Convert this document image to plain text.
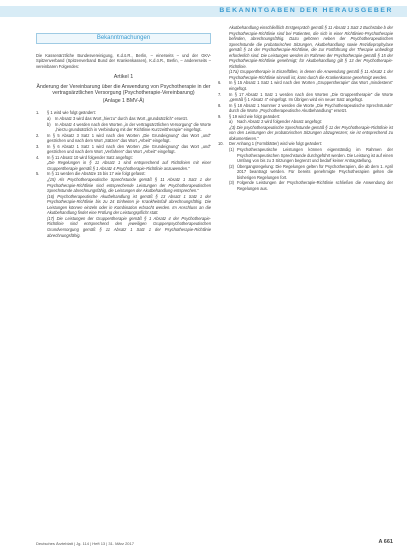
BEKANNTGABEN DER HERAUSGEBER
Bekanntmachungen

Die Kassenärztliche Bundesvereinigung, K.d.ö.R., Berlin, – einerseits – und der GKV-Spitzenverband (Spitzenverband Bund der Krankenkassen), K.d.ö.R., Berlin, – andererseits – vereinbaren Folgendes:

Artikel 1
Änderung der Vereinbarung über die Anwendung von Psychotherapie in der vertragsärztlichen Versorgung (Psychotherapie-Vereinbarung)
(Anlage 1 BMV-Ä)
1.	§ 1 wird wie folgt geändert:
a)	In Absatz 3 wird das Wort „hierzu" durch das Wort „grundsätzlich" ersetzt.
b)	In Absatz 4 werden nach den Worten „in der vertragsärztlichen Versorgung" die Worte „hierzu grundsätzlich in Verbindung mit der Richtlinie Kurzzeittherapie" eingefügt.
2.	In § 5 Absatz 3 Satz 1 wird nach den Worten „Die Grundeignung" das Wort „und" gestrichen und nach dem Wort „Sätzen" das Wort „Arbeit" eingefügt.
3.	In § 6 Absatz 1 Satz 1 wird nach den Worten „Die Grundeignung" das Wort „und" gestrichen und nach dem Wort „Verfahren" das Wort „Arbeit" eingefügt.
4.	In § 11 Absatz 10 wird folgender Satz angefügt:
„Die Regelungen in § 11 Absatz 1 sind entsprechend auf Richtlinien mit einer Gruppentherapie gemäß § 1 Absatz 4 Psychotherapie-Richtlinie anzuwenden."
5.	In § 11 werden die Absätze 15 bis 17 wie folgt gefasst:
„(15) Als Psychotherapeutische Sprechstunde gemäß § 11 Absatz 1 Satz 1 der Psychotherapie-Richtlinie sind entsprechende Leistungen der Psychotherapeutischen Sprechstunde abrechnungsfähig, die Leistungen der Akutbehandlung entsprechen."
(16) Psychotherapeutische Akutbehandlung ist gemäß § 13 Absatz 1 Satz 1 der Psychotherapie-Richtlinie bis zu 24 Einheiten je Krankheitsfall abrechnungsfähig. Die Leistungen können einzeln oder in Kombination erbracht werden. Im Anschluss an die Akutbehandlung findet eine Prüfung der Leistungspflicht statt.
(17) Die Leistungen der Gruppentherapie gemäß § 1 Absatz 4 der Psychotherapie-Richtlinie sind entsprechend den jeweiligen Gruppenpsychotherapeutischen Grundversorgung gemäß § 11 Absatz 1 Satz 1 der Psychotherapie-Richtlinie abrechnungsfähig.
Akutbehandlung einschließlich Erstgespräch gemäß § 11 Absatz 1 Satz 2 Buchstabe b der Psychotherapie-Richtlinie sind bei Patienten, die sich in einer Richtlinien-Psychotherapie befinden, abrechnungsfähig. Dazu gehören neben der Psychotherapeutischen Sprechstunde die probatorischen Sitzungen, Akutbehandlung sowie Rezidivprophylaxe gemäß § 14 der Psychotherapie-Richtlinie, die zur Fortführung der Therapie unbedingt erforderlich sind. Die Leistungen werden im Rahmen der Psychotherapie gemäß § 15 der Psychotherapie-Richtlinie genehmigt; für Akutbehandlung gilt § 13 der Psychotherapie-Richtlinie.
(17a) Gruppentherapie in Einzelfällen, in denen die Anwendung gemäß § 11 Absatz 1 der Psychotherapie-Richtlinie sinnvoll ist, kann durch die Krankenkasse genehmigt werden.
6.	In § 15 Absatz 1 Satz 1 wird nach den Worten „Gruppentherapie" das Wort „mindestens" eingefügt.
7.	In § 17 Absatz 1 Satz 1 werden nach den Worten „Die Gruppentherapie" die Worte „gemäß § 1 Absatz 4" eingefügt. Im Übrigen wird ein neuer Satz angefügt.
8.	In § 18 Absatz 1 Nummer 2 werden die Worte „Die Psychotherapeutische Sprechstunde" durch die Worte „Psychotherapeutische Akutbehandlung" ersetzt.
9.	§ 19 wird wie folgt geändert:
a)	Nach Absatz 2 wird folgender Absatz angefügt:
„(3) Die psychotherapeutische Sprechstunde gemäß § 11 der Psychotherapie-Richtlinie ist von den Leistungen der probatorischen Sitzungen abzugrenzen; sie ist entsprechend zu dokumentieren."
10.	Der Anhang 1 (Formblätter) wird wie folgt geändert:
(1) Psychotherapeutische Leistungen können eigenständig im Rahmen der Psychotherapeutischen Sprechstunde durchgeführt werden. Die Leistung ist auf einen Umfang von bis zu 3 Sitzungen begrenzt und bedarf keiner Antragstellung.
(2) Übergangsregelung: Die Regelungen gelten für Psychotherapien, die ab dem 1. April 2017 beantragt werden. Für bereits genehmigte Psychotherapien gelten die bisherigen Regelungen fort.
(3) Folgende Leistungen der Psychotherapie-Richtlinie schließen die Anwendung der Regelungen aus.
Deutsches Ärzteblatt | Jg. 114 | Heft 13 | 31. März 2017	A 661
